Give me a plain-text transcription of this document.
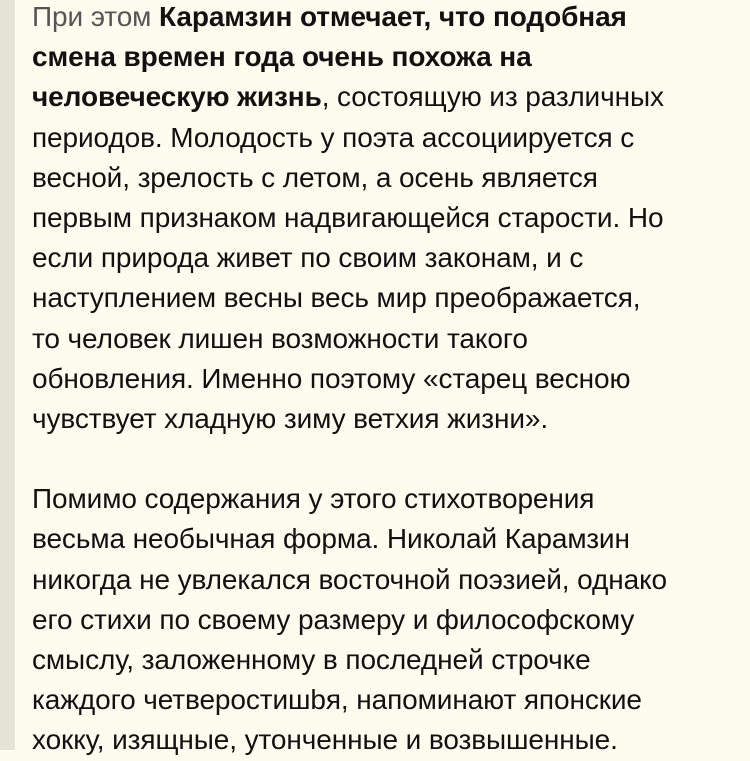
При этом Карамзин отмечает, что подобная
смена времен года очень похожа на
человеческую жизнь, состоящую из различных
периодов. Молодость у поэта ассоциируется с
весной, зрелость с летом, а осень является
первым признаком надвигающейся старости. Но
если природа живет по своим законам, и с
наступлением весны весь мир преображается,
то человек лишен возможности такого
обновления. Именно поэтому «старец весною
чувствует хладную зиму ветхия жизни».

Помимо содержания у этого стихотворения
весьма необычная форма. Николай Карамзин
никогда не увлекался восточной поэзией, однако
его стихи по своему размеру и философскому
смыслу, заложенному в последней строчке
каждого четверостишbя, напоминают японские
хокку, изящные, утонченные и возвышенные.
